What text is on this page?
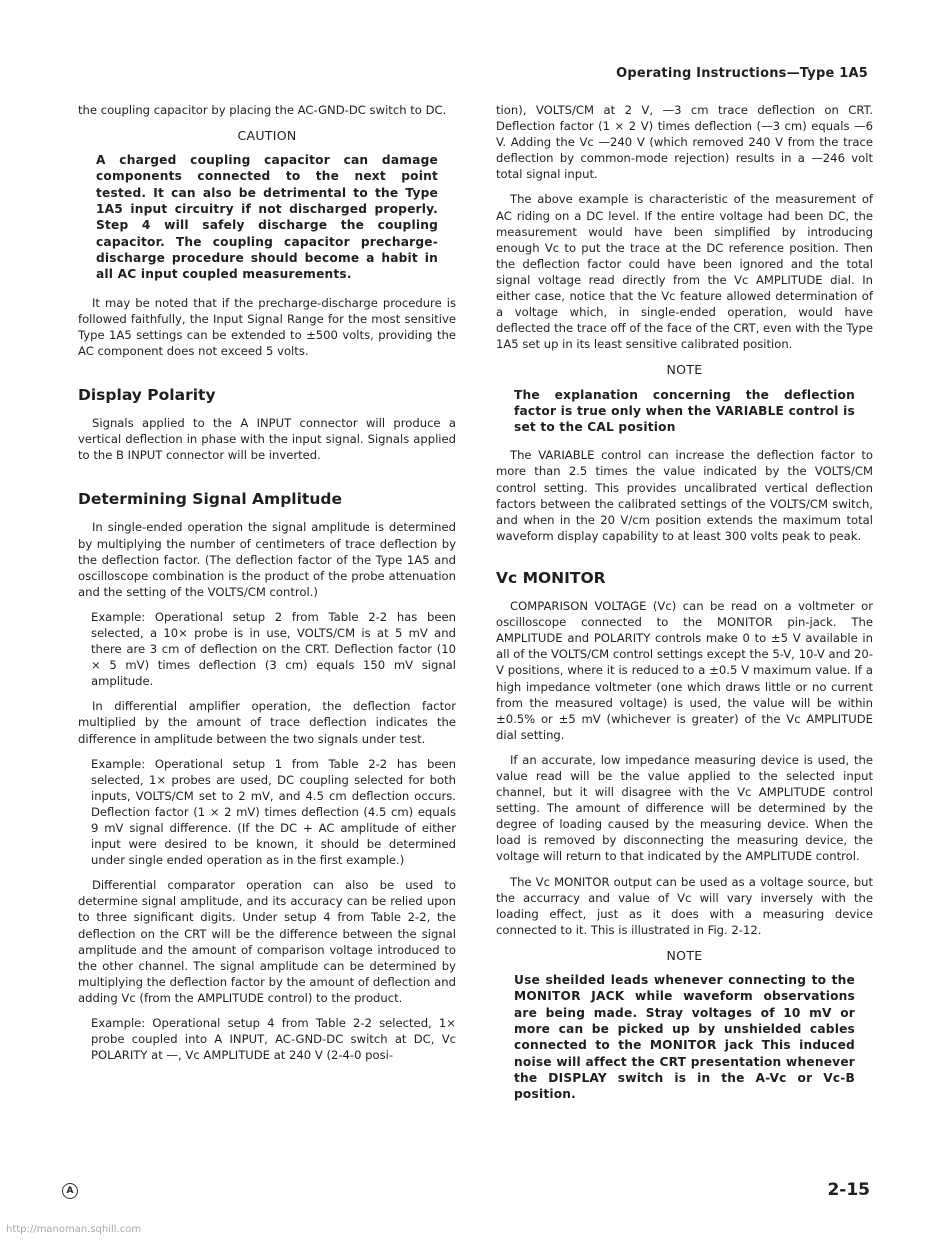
Operating Instructions—Type 1A5

the coupling capacitor by placing the AC-GND-DC switch to DC.

CAUTION
A charged coupling capacitor can damage components connected to the next point tested. It can also be detrimental to the Type 1A5 input circuitry if not discharged properly. Step 4 will safely discharge the coupling capacitor. The coupling capacitor precharge-discharge procedure should become a habit in all AC input coupled measurements.

It may be noted that if the precharge-discharge procedure is followed faithfully, the Input Signal Range for the most sensitive Type 1A5 settings can be extended to ±500 volts, providing the AC component does not exceed 5 volts.

Display Polarity

Signals applied to the A INPUT connector will produce a vertical deflection in phase with the input signal. Signals applied to the B INPUT connector will be inverted.

Determining Signal Amplitude

In single-ended operation the signal amplitude is determined by multiplying the number of centimeters of trace deflection by the deflection factor. (The deflection factor of the Type 1A5 and oscilloscope combination is the product of the probe attenuation and the setting of the VOLTS/CM control.)

Example: Operational setup 2 from Table 2-2 has been selected, a 10× probe is in use, VOLTS/CM is at 5 mV and there are 3 cm of deflection on the CRT. Deflection factor (10 × 5 mV) times deflection (3 cm) equals 150 mV signal amplitude.

In differential amplifier operation, the deflection factor multiplied by the amount of trace deflection indicates the difference in amplitude between the two signals under test.

Example: Operational setup 1 from Table 2-2 has been selected, 1× probes are used, DC coupling selected for both inputs, VOLTS/CM set to 2 mV, and 4.5 cm deflection occurs. Deflection factor (1 × 2 mV) times deflection (4.5 cm) equals 9 mV signal difference. (If the DC + AC amplitude of either input were desired to be known, it should be determined under single ended operation as in the first example.)

Differential comparator operation can also be used to determine signal amplitude, and its accuracy can be relied upon to three significant digits. Under setup 4 from Table 2-2, the deflection on the CRT will be the difference between the signal amplitude and the amount of comparison voltage introduced to the other channel. The signal amplitude can be determined by multiplying the deflection factor by the amount of deflection and adding Vc (from the AMPLITUDE control) to the product.

Example: Operational setup 4 from Table 2-2 selected, 1× probe coupled into A INPUT, AC-GND-DC switch at DC, Vc POLARITY at —, Vc AMPLITUDE at 240 V (2-4-0 posi-

tion), VOLTS/CM at 2 V, —3 cm trace deflection on CRT. Deflection factor (1 × 2 V) times deflection (—3 cm) equals —6 V. Adding the Vc —240 V (which removed 240 V from the trace deflection by common-mode rejection) results in a —246 volt total signal input.

The above example is characteristic of the measurement of AC riding on a DC level. If the entire voltage had been DC, the measurement would have been simplified by introducing enough Vc to put the trace at the DC reference position. Then the deflection factor could have been ignored and the total signal voltage read directly from the Vc AMPLITUDE dial. In either case, notice that the Vc feature allowed determination of a voltage which, in single-ended operation, would have deflected the trace off of the face of the CRT, even with the Type 1A5 set up in its least sensitive calibrated position.

NOTE
The explanation concerning the deflection factor is true only when the VARIABLE control is set to the CAL position

The VARIABLE control can increase the deflection factor to more than 2.5 times the value indicated by the VOLTS/CM control setting. This provides uncalibrated vertical deflection factors between the calibrated settings of the VOLTS/CM switch, and when in the 20 V/cm position extends the maximum total waveform display capability to at least 300 volts peak to peak.

Vc MONITOR

COMPARISON VOLTAGE (Vc) can be read on a voltmeter or oscilloscope connected to the MONITOR pin-jack. The AMPLITUDE and POLARITY controls make 0 to ±5 V available in all of the VOLTS/CM control settings except the 5-V, 10-V and 20-V positions, where it is reduced to a ±0.5 V maximum value. If a high impedance voltmeter (one which draws little or no current from the measured voltage) is used, the value will be within ±0.5% or ±5 mV (whichever is greater) of the Vc AMPLITUDE dial setting.

If an accurate, low impedance measuring device is used, the value read will be the value applied to the selected input channel, but it will disagree with the Vc AMPLITUDE control setting. The amount of difference will be determined by the degree of loading caused by the measuring device. When the load is removed by disconnecting the measuring device, the voltage will return to that indicated by the AMPLITUDE control.

The Vc MONITOR output can be used as a voltage source, but the accurracy and value of Vc will vary inversely with the loading effect, just as it does with a measuring device connected to it. This is illustrated in Fig. 2-12.

NOTE
Use sheilded leads whenever connecting to the MONITOR JACK while waveform observations are being made. Stray voltages of 10 mV or more can be picked up by unshielded cables connected to the MONITOR jack This induced noise will affect the CRT presentation whenever the DISPLAY switch is in the A-Vc or Vc-B position.
A	2-15
http://manoman.sqhill.com
